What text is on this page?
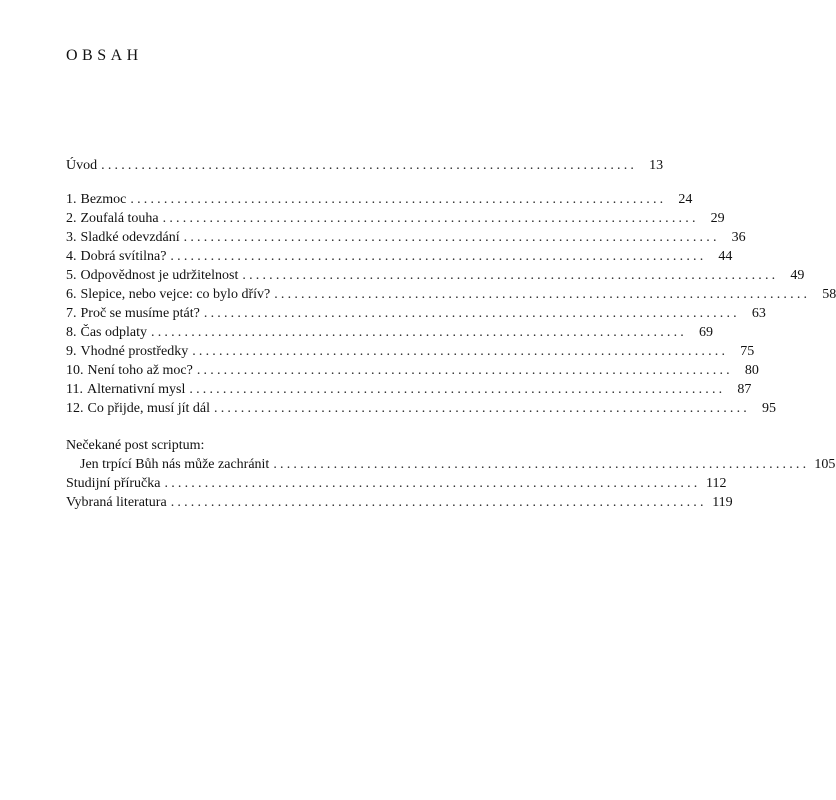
OBSAH
Úvod ................................................................................ 13
1. Bezmoc ................................................................................ 24
2. Zoufalá touha ................................................................................ 29
3. Sladké odevzdání ................................................................................ 36
4. Dobrá svítilna? ................................................................................ 44
5. Odpovědnost je udržitelnost ................................................................................ 49
6. Slepice, nebo vejce: co bylo dřív? ................................................................................ 58
7. Proč se musíme ptát? ................................................................................ 63
8. Čas odplaty ................................................................................ 69
9. Vhodné prostředky ................................................................................ 75
10. Není toho až moc? ................................................................................ 80
11. Alternativní mysl ................................................................................ 87
12. Co přijde, musí jít dál ................................................................................ 95
Nečekané post scriptum:
Jen trpící Bůh nás může zachránit ................................................................................ 105
Studijní příručka ................................................................................ 112
Vybraná literatura ................................................................................ 119
